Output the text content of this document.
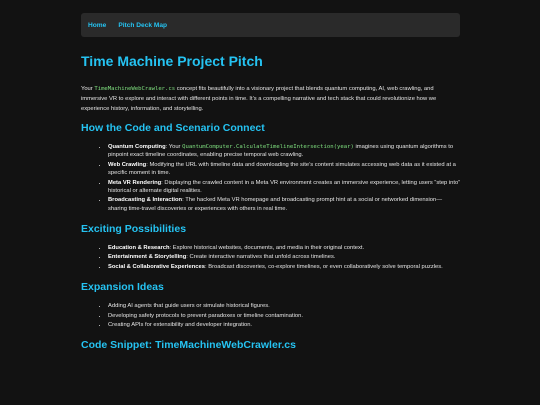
Home Pitch Deck Map
Time Machine Project Pitch

Your TimeMachineWebCrawler.cs concept fits beautifully into a visionary project that blends quantum computing, AI, web crawling, and immersive VR to explore and interact with different points in time. It’s a compelling narrative and tech stack that could revolutionize how we experience history, information, and storytelling.

How the Code and Scenario Connect
• Quantum Computing: Your QuantumComputer.CalculateTimelineIntersection(year) imagines using quantum algorithms to pinpoint exact timeline coordinates, enabling precise temporal web crawling.
• Web Crawling: Modifying the URL with timeline data and downloading the site’s content simulates accessing web data as it existed at a specific moment in time.
• Meta VR Rendering: Displaying the crawled content in a Meta VR environment creates an immersive experience, letting users “step into” historical or alternate digital realities.
• Broadcasting & Interaction: The hacked Meta VR homepage and broadcasting prompt hint at a social or networked dimension—sharing time-travel discoveries or experiences with others in real time.
Exciting Possibilities
• Education & Research: Explore historical websites, documents, and media in their original context.
• Entertainment & Storytelling: Create interactive narratives that unfold across timelines.
• Social & Collaborative Experiences: Broadcast discoveries, co-explore timelines, or even collaboratively solve temporal puzzles.
Expansion Ideas
• Adding AI agents that guide users or simulate historical figures.
• Developing safety protocols to prevent paradoxes or timeline contamination.
• Creating APIs for extensibility and developer integration.
Code Snippet: TimeMachineWebCrawler.cs
